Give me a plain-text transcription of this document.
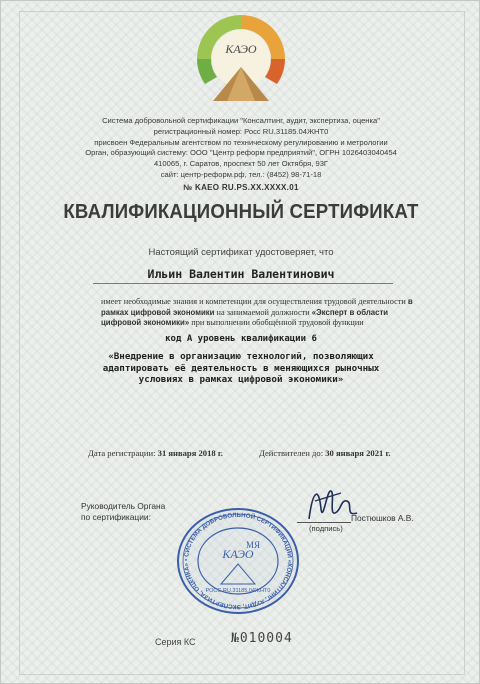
КАЭО
Система добровольной сертификации "Консалтинг, аудит, экспертиза, оценка"
регистрационный номер: Росс RU.31185.04ЖНТ0
присвоен Федеральным агентством по техническому регулированию и метрологии
Орган, образующий систему: ООО "Центр реформ предприятий", ОГРН 1026403040454
410065, г. Саратов, проспект 50 лет Октября, 93Г
сайт: центр-реформ.рф, тел.: (8452) 98-71-18
№ KAEO RU.PS.XX.XXXX.01
КВАЛИФИКАЦИОННЫЙ СЕРТИФИКАТ
Настоящий сертификат удостоверяет, что
Ильин Валентин Валентинович
имеет необходимые знания и компетенции для осуществления трудовой деятельности в рамках цифровой экономики на занимаемой должности «Эксперт в области цифровой экономики» при выполнении обобщённой трудовой функции
код А уровень квалификации 6
«Внедрение в организацию технологий, позволяющих адаптировать её деятельность в меняющихся рыночных условиях в рамках цифровой экономики»
Дата регистрации: 31 января 2018 г.	Действителен до: 30 января 2021 г.
Руководитель Органа
по сертификации:	Постюшков А.В.
(подпись)
• СИСТЕМА ДОБРОВОЛЬНОЙ СЕРТИФИКАЦИИ «КОНСАЛТИНГ, АУДИТ, ЭКСПЕРТИЗА, ОЦЕНКА»
КАЭО
МЯ
РОСС RU.31185.04ЖНТ0
Серия КС	№010004
